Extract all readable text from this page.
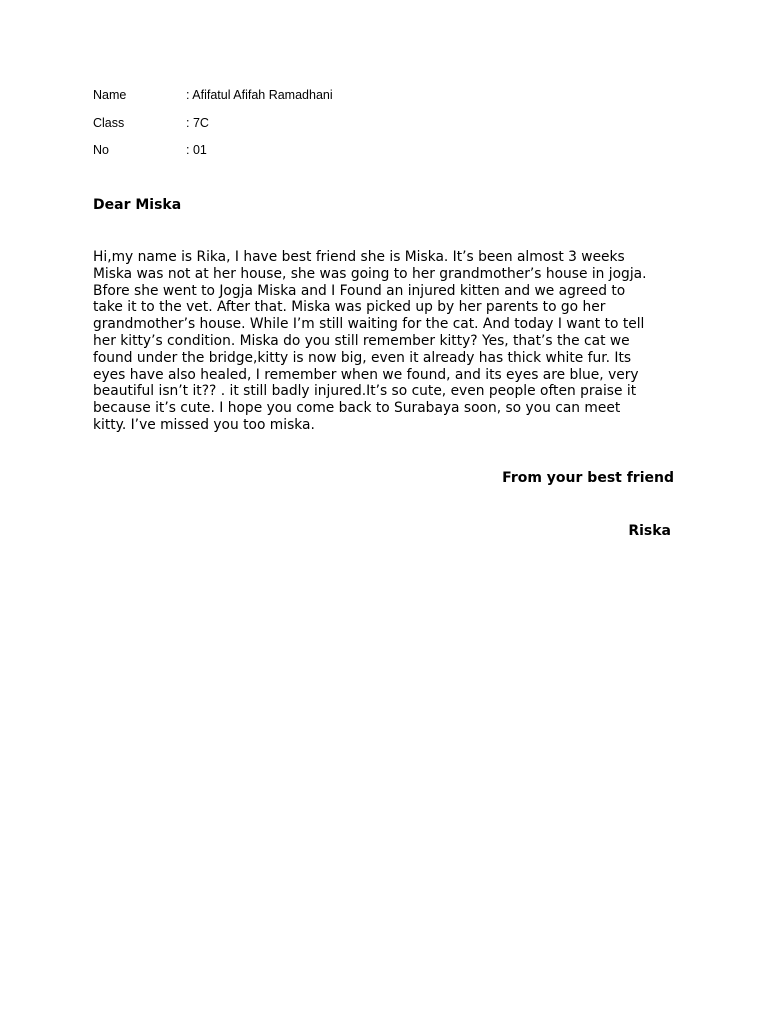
Name	: Afifatul Afifah Ramadhani
Class	: 7C
No	: 01
Dear Miska
Hi,my name is Rika, I have best friend she is Miska. It’s been almost 3 weeks
Miska was not at her house, she was going to her grandmother’s house in jogja.
Bfore she went to Jogja Miska and I Found an injured kitten and we agreed to
take it to the vet. After that. Miska was picked up by her parents to go her
grandmother’s house. While I’m still waiting for the cat. And today I want to tell
her kitty’s condition. Miska do you still remember kitty? Yes, that’s the cat we
found under the bridge,kitty is now big, even it already has thick white fur. Its
eyes have also healed, I remember when we found, and its eyes are blue, very
beautiful isn’t it?? . it still badly injured.It’s so cute, even people often praise it
because it’s cute. I hope you come back to Surabaya soon, so you can meet
kitty. I’ve missed you too miska.
From your best friend
Riska
